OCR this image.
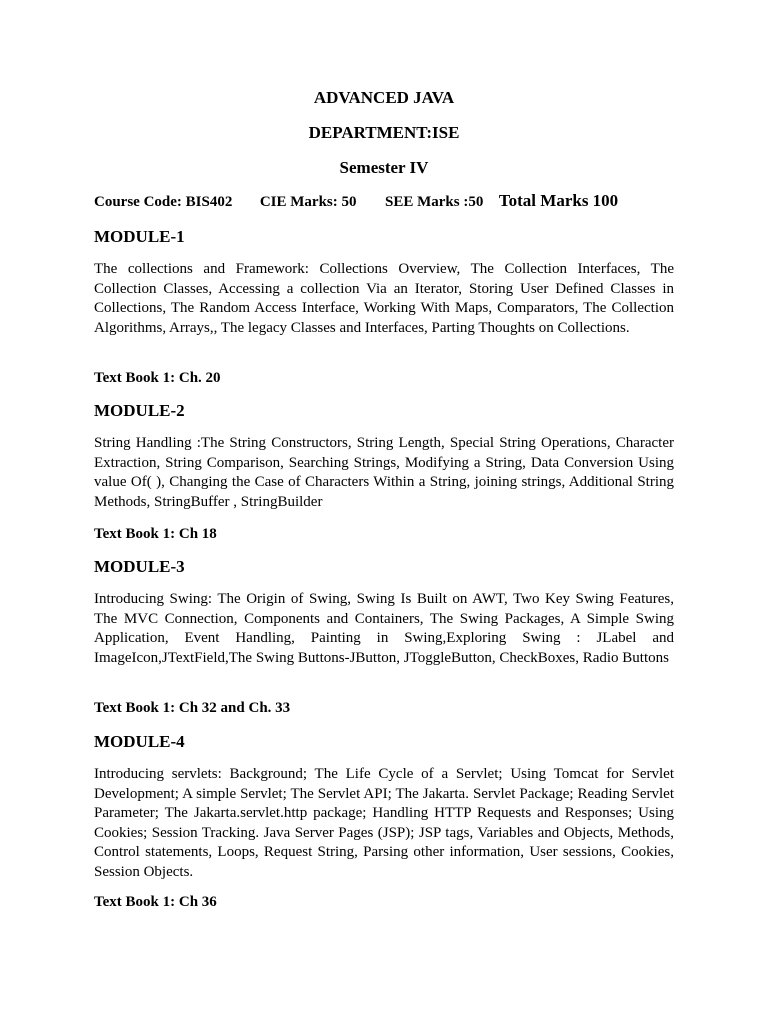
ADVANCED JAVA
DEPARTMENT:ISE
Semester IV
Course Code: BIS402 CIE Marks: 50 SEE Marks :50 Total Marks 100
MODULE-1
The collections and Framework: Collections Overview, The Collection Interfaces, The Collection Classes, Accessing a collection Via an Iterator, Storing User Defined Classes in Collections, The Random Access Interface, Working With Maps, Comparators, The Collection Algorithms, Arrays,, The legacy Classes and Interfaces, Parting Thoughts on Collections.
Text Book 1: Ch. 20
MODULE-2
String Handling :The String Constructors, String Length, Special String Operations, Character Extraction, String Comparison, Searching Strings, Modifying a String, Data Conversion Using value Of( ), Changing the Case of Characters Within a String, joining strings, Additional String Methods, StringBuffer , StringBuilder
Text Book 1: Ch 18
MODULE-3
Introducing Swing: The Origin of Swing, Swing Is Built on AWT, Two Key Swing Features, The MVC Connection, Components and Containers, The Swing Packages, A Simple Swing Application, Event Handling, Painting in Swing,Exploring Swing : JLabel and ImageIcon,JTextField,The Swing Buttons-JButton, JToggleButton, CheckBoxes, Radio Buttons
Text Book 1: Ch 32 and Ch. 33
MODULE-4
Introducing servlets: Background; The Life Cycle of a Servlet; Using Tomcat for Servlet Development; A simple Servlet; The Servlet API; The Jakarta. Servlet Package; Reading Servlet Parameter; The Jakarta.servlet.http package; Handling HTTP Requests and Responses; Using Cookies; Session Tracking. Java Server Pages (JSP); JSP tags, Variables and Objects, Methods, Control statements, Loops, Request String, Parsing other information, User sessions, Cookies, Session Objects.
Text Book 1: Ch 36
